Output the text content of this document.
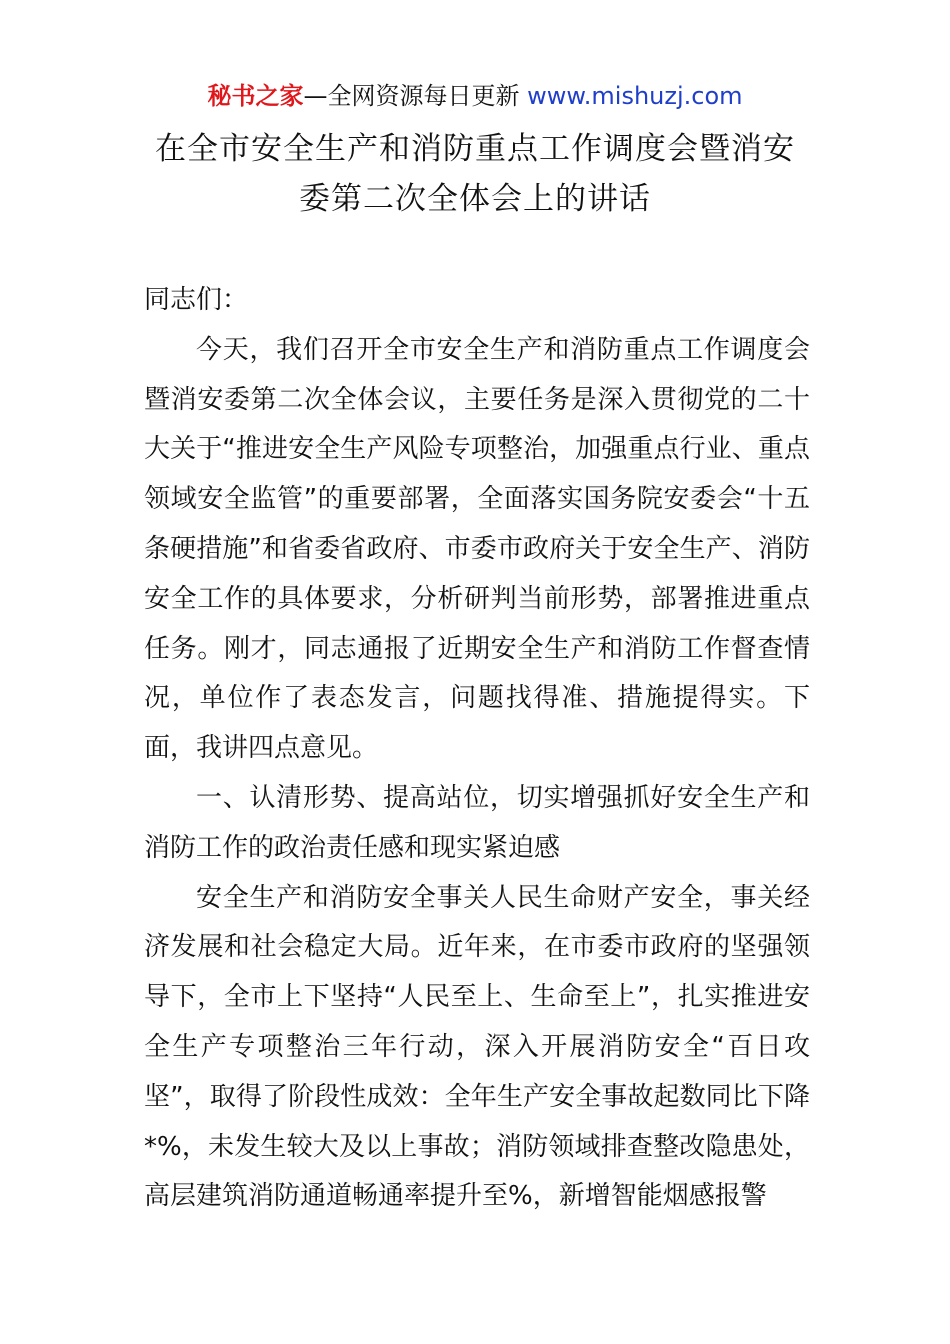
秘书之家—全网资源每日更新 www.mishuzj.com
在全市安全生产和消防重点工作调度会暨消安
委第二次全体会上的讲话

同志们：

今天，我们召开全市安全生产和消防重点工作调度会暨消安委第二次全体会议，主要任务是深入贯彻党的二十大关于“推进安全生产风险专项整治，加强重点行业、重点领域安全监管”的重要部署，全面落实国务院安委会“十五条硬措施”和省委省政府、市委市政府关于安全生产、消防安全工作的具体要求，分析研判当前形势，部署推进重点任务。刚才，同志通报了近期安全生产和消防工作督查情况，单位作了表态发言，问题找得准、措施提得实。下面，我讲四点意见。

一、认清形势、提高站位，切实增强抓好安全生产和消防工作的政治责任感和现实紧迫感

安全生产和消防安全事关人民生命财产安全，事关经济发展和社会稳定大局。近年来，在市委市政府的坚强领导下，全市上下坚持“人民至上、生命至上”，扎实推进安全生产专项整治三年行动，深入开展消防安全“百日攻坚”，取得了阶段性成效：全年生产安全事故起数同比下降*%，未发生较大及以上事故；消防领域排查整改隐患处，高层建筑消防通道畅通率提升至%，新增智能烟感报警
